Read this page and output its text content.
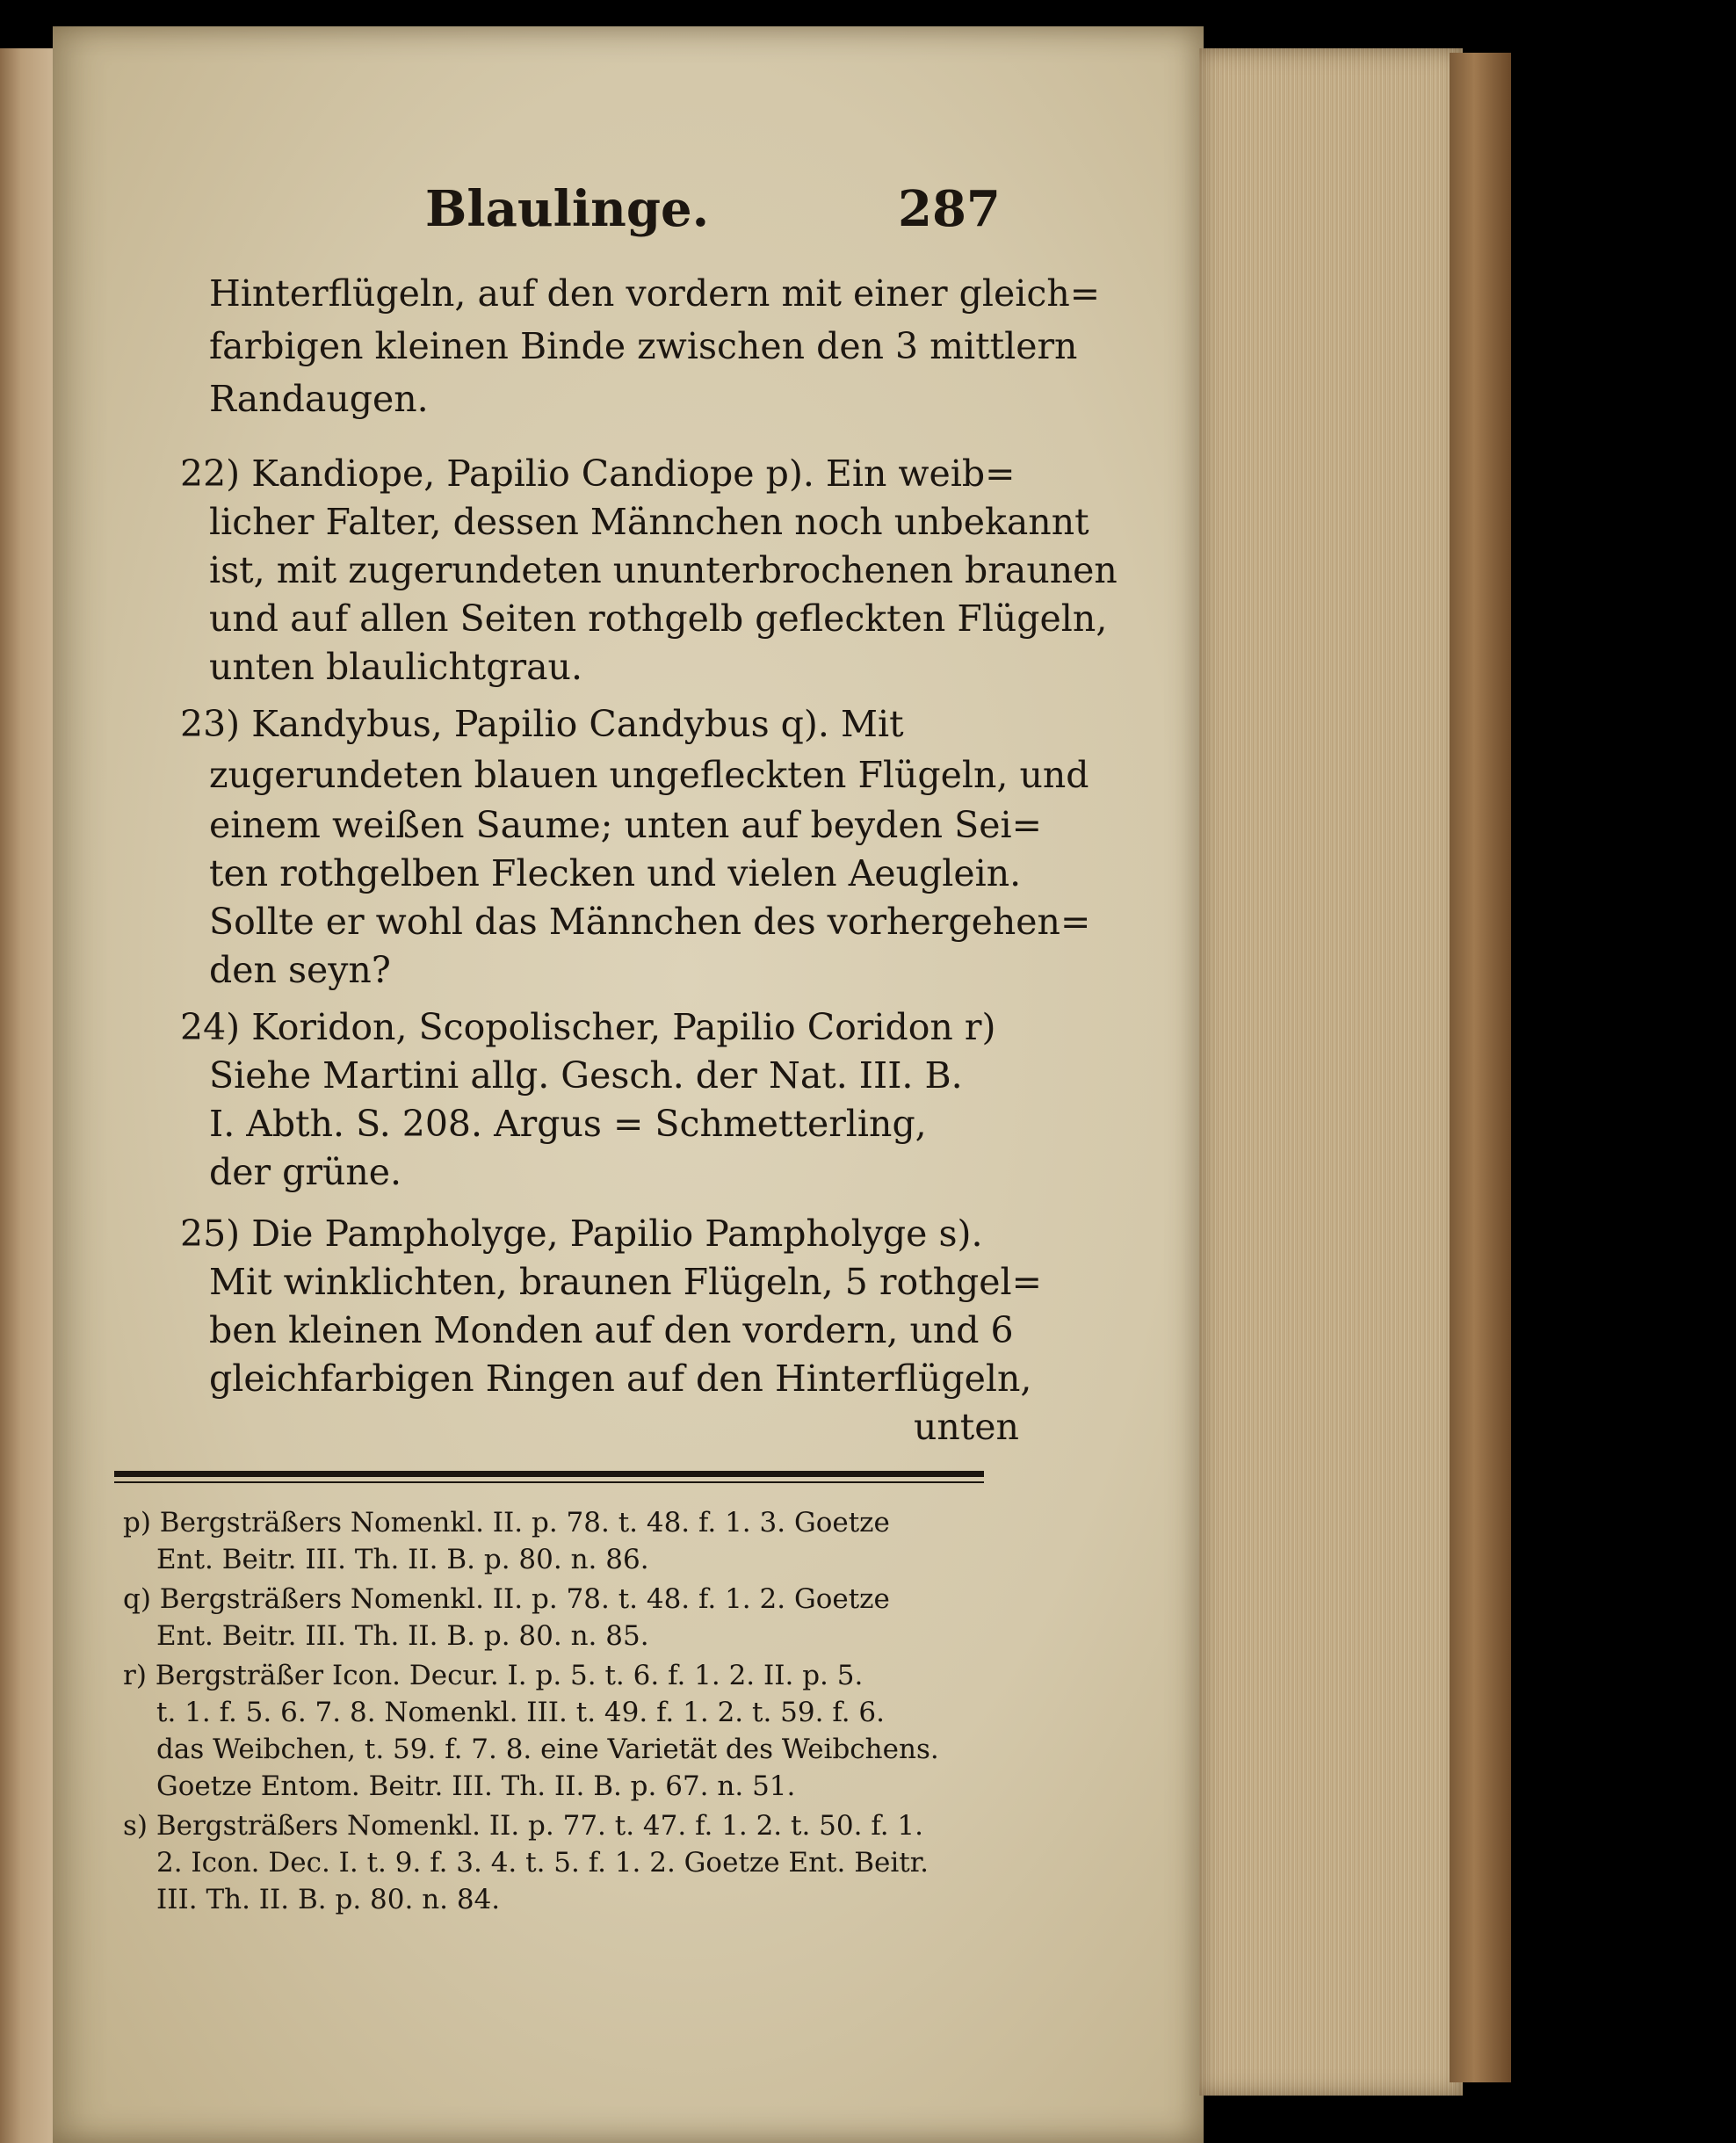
Blaulinge.	287
Hinterflügeln, auf den vordern mit einer gleich=
farbigen kleinen Binde zwischen den 3 mittlern
Randaugen.
22) Kandiope, Papilio Candiope p). Ein weib=
licher Falter, dessen Männchen noch unbekannt
ist, mit zugerundeten ununterbrochenen braunen
und auf allen Seiten rothgelb gefleckten Flügeln,
unten blaulichtgrau.
23) Kandybus, Papilio Candybus q). Mit
zugerundeten blauen ungefleckten Flügeln, und
einem weißen Saume; unten auf beyden Sei=
ten rothgelben Flecken und vielen Aeuglein.
Sollte er wohl das Männchen des vorhergehen=
den seyn?
24) Koridon, Scopolischer, Papilio Coridon r)
Siehe Martini allg. Gesch. der Nat. III. B.
I. Abth. S. 208. Argus = Schmetterling,
der grüne.
25) Die Pampholyge, Papilio Pampholyge s).
Mit winklichten, braunen Flügeln, 5 rothgel=
ben kleinen Monden auf den vordern, und 6
gleichfarbigen Ringen auf den Hinterflügeln,
unten
p) Bergsträßers Nomenkl. II. p. 78. t. 48. f. 1. 3. Goetze
Ent. Beitr. III. Th. II. B. p. 80. n. 86.
q) Bergsträßers Nomenkl. II. p. 78. t. 48. f. 1. 2. Goetze
Ent. Beitr. III. Th. II. B. p. 80. n. 85.
r) Bergsträßer Icon. Decur. I. p. 5. t. 6. f. 1. 2. II. p. 5.
t. 1. f. 5. 6. 7. 8. Nomenkl. III. t. 49. f. 1. 2. t. 59. f. 6.
das Weibchen, t. 59. f. 7. 8. eine Varietät des Weibchens.
Goetze Entom. Beitr. III. Th. II. B. p. 67. n. 51.
s) Bergsträßers Nomenkl. II. p. 77. t. 47. f. 1. 2. t. 50. f. 1.
2. Icon. Dec. I. t. 9. f. 3. 4. t. 5. f. 1. 2. Goetze Ent. Beitr.
III. Th. II. B. p. 80. n. 84.
